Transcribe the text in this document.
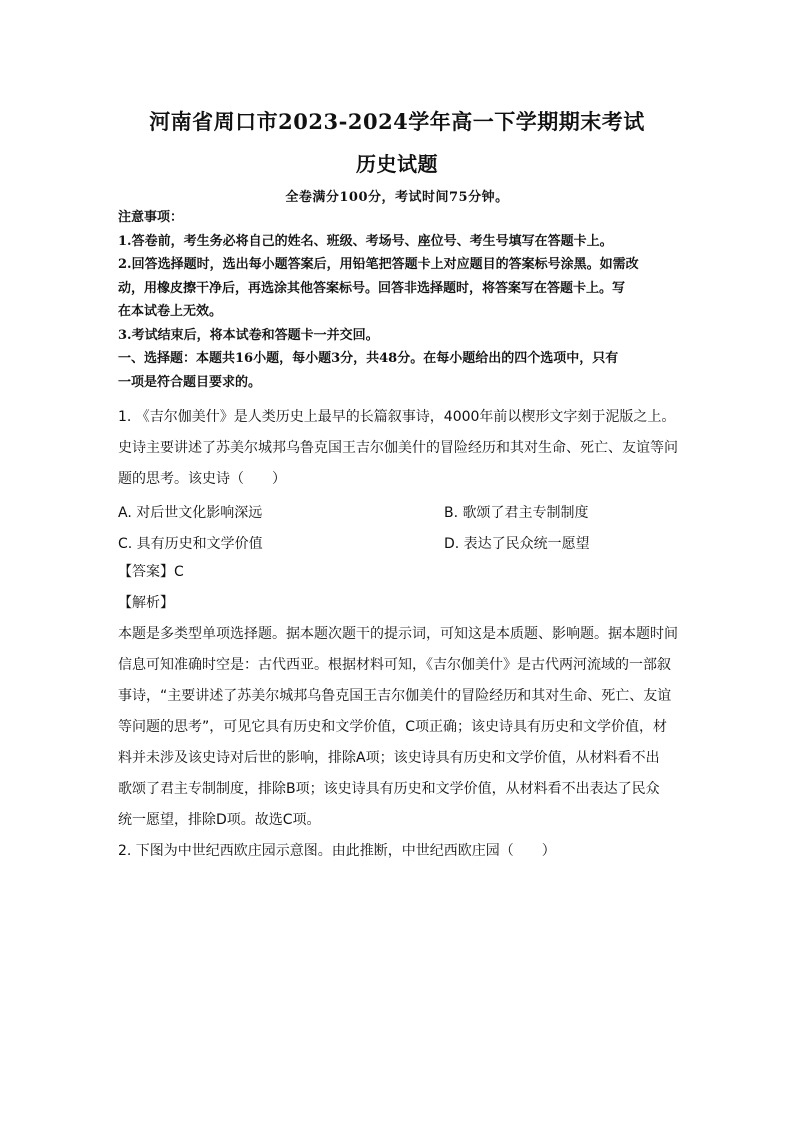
河南省周口市2023-2024学年高一下学期期末考试
历史试题
全卷满分100分，考试时间75分钟。
注意事项：
1.答卷前，考生务必将自己的姓名、班级、考场号、座位号、考生号填写在答题卡上。
2.回答选择题时，选出每小题答案后，用铅笔把答题卡上对应题目的答案标号涂黑。如需改
动，用橡皮擦干净后，再选涂其他答案标号。回答非选择题时，将答案写在答题卡上。写
在本试卷上无效。
3.考试结束后，将本试卷和答题卡一并交回。
一、选择题：本题共16小题，每小题3分，共48分。在每小题给出的四个选项中，只有
一项是符合题目要求的。
1. 《吉尔伽美什》是人类历史上最早的长篇叙事诗，4000年前以楔形文字刻于泥版之上。
史诗主要讲述了苏美尔城邦乌鲁克国王吉尔伽美什的冒险经历和其对生命、死亡、友谊等问
题的思考。该史诗（　　）
A. 对后世文化影响深远	B. 歌颂了君主专制制度
C. 具有历史和文学价值	D. 表达了民众统一愿望
【答案】C
【解析】
本题是多类型单项选择题。据本题次题干的提示词，可知这是本质题、影响题。据本题时间
信息可知准确时空是：古代西亚。根据材料可知，《吉尔伽美什》是古代两河流域的一部叙
事诗，“主要讲述了苏美尔城邦乌鲁克国王吉尔伽美什的冒险经历和其对生命、死亡、友谊
等问题的思考”，可见它具有历史和文学价值，C项正确；该史诗具有历史和文学价值，材
料并未涉及该史诗对后世的影响，排除A项；该史诗具有历史和文学价值，从材料看不出
歌颂了君主专制制度，排除B项；该史诗具有历史和文学价值，从材料看不出表达了民众
统一愿望，排除D项。故选C项。
2. 下图为中世纪西欧庄园示意图。由此推断，中世纪西欧庄园（　　）
